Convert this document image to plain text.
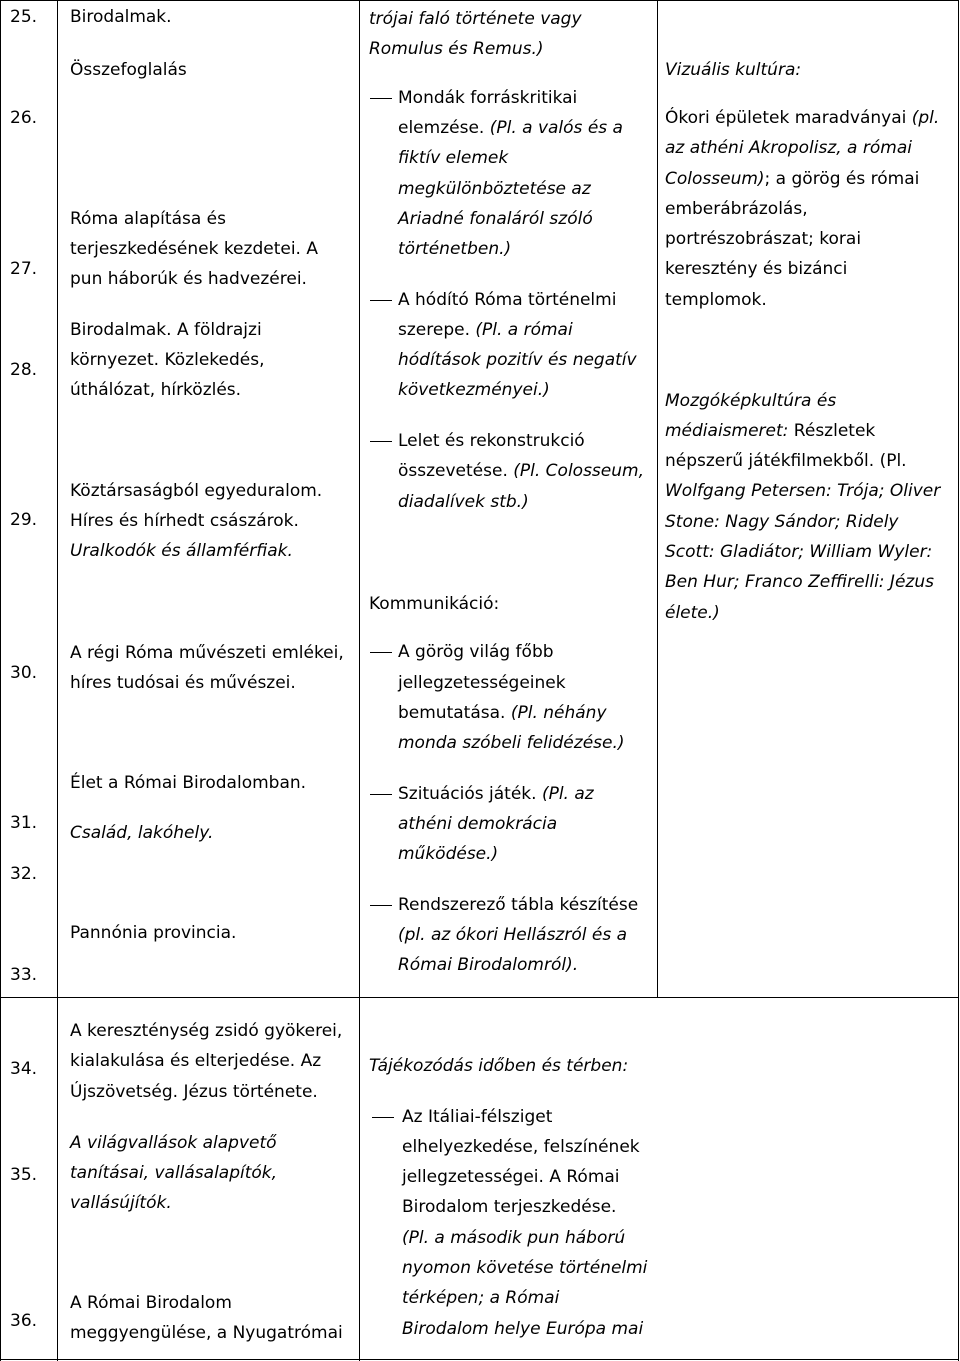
25.
26.
27.
28.
29.
30.
31.
32.
33.
34.
35.
36.
Birodalmak.
Összefoglalás
Róma alapítása és
terjeszkedésének kezdetei. A
pun háborúk és hadvezérei.
Birodalmak. A földrajzi
környezet. Közlekedés,
úthálózat, hírközlés.
Köztársaságból egyeduralom.
Híres és hírhedt császárok.
Uralkodók és államférfiak.
A régi Róma művészeti emlékei,
híres tudósai és művészei.
Élet a Római Birodalomban.
Család, lakóhely.
Pannónia provincia.
A kereszténység zsidó gyökerei,
kialakulása és elterjedése. Az
Újszövetség. Jézus története.
A világvallások alapvető
tanításai, vallásalapítók,
vallásújítók.
A Római Birodalom
meggyengülése, a Nyugatrómai
trójai faló története vagy
Romulus és Remus.)
Mondák forráskritikai
elemzése. (Pl. a valós és a
fiktív elemek
megkülönböztetése az
Ariadné fonaláról szóló
történetben.)
A hódító Róma történelmi
szerepe. (Pl. a római
hódítások pozitív és negatív
következményei.)
Lelet és rekonstrukció
összevetése. (Pl. Colosseum,
diadalívek stb.)
Kommunikáció:
A görög világ főbb
jellegzetességeinek
bemutatása. (Pl. néhány
monda szóbeli felidézése.)
Szituációs játék. (Pl. az
athéni demokrácia
működése.)
Rendszerező tábla készítése
(pl. az ókori Hellászról és a
Római Birodalomról).
Tájékozódás időben és térben:
Az Itáliai-félsziget
elhelyezkedése, felszínének
jellegzetességei. A Római
Birodalom terjeszkedése.
(Pl. a második pun háború
nyomon követése történelmi
térképen; a Római
Birodalom helye Európa mai
Vizuális kultúra:
Ókori épületek maradványai (pl.
az athéni Akropolisz, a római
Colosseum); a görög és római
emberábrázolás,
portrészobrászat; korai
keresztény és bizánci
templomok.
Mozgóképkultúra és
médiaismeret: Részletek
népszerű játékfilmekből. (Pl.
Wolfgang Petersen: Trója; Oliver
Stone: Nagy Sándor; Ridely
Scott: Gladiátor; William Wyler:
Ben Hur; Franco Zeffirelli: Jézus
élete.)
